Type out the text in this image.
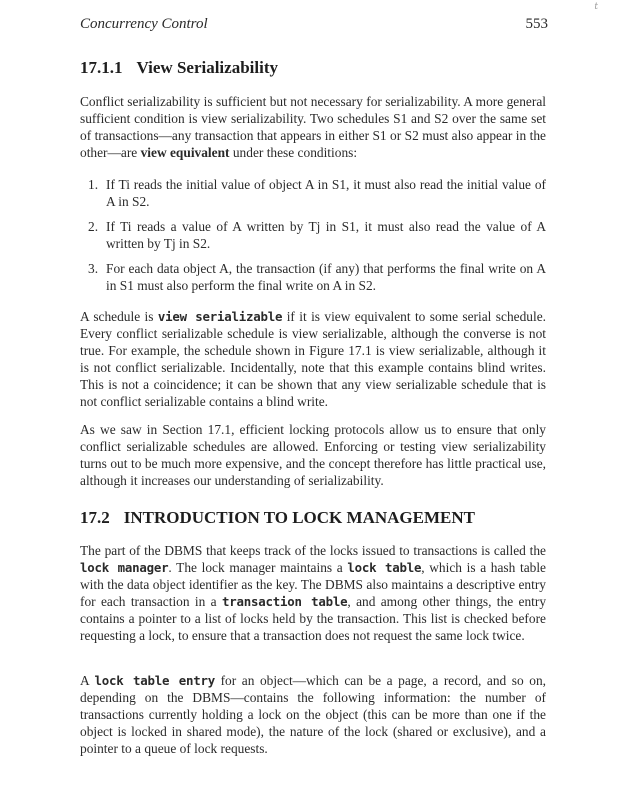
t
Concurrency Control	553
17.1.1 View Serializability
Conflict serializability is sufficient but not necessary for serializability. A more general sufficient condition is view serializability. Two schedules S1 and S2 over the same set of transactions—any transaction that appears in either S1 or S2 must also appear in the other—are view equivalent under these conditions:
1. If Ti reads the initial value of object A in S1, it must also read the initial value of A in S2.
2. If Ti reads a value of A written by Tj in S1, it must also read the value of A written by Tj in S2.
3. For each data object A, the transaction (if any) that performs the final write on A in S1 must also perform the final write on A in S2.
A schedule is view serializable if it is view equivalent to some serial schedule. Every conflict serializable schedule is view serializable, although the converse is not true. For example, the schedule shown in Figure 17.1 is view serializable, although it is not conflict serializable. Incidentally, note that this example contains blind writes. This is not a coincidence; it can be shown that any view serializable schedule that is not conflict serializable contains a blind write.
As we saw in Section 17.1, efficient locking protocols allow us to ensure that only conflict serializable schedules are allowed. Enforcing or testing view serializability turns out to be much more expensive, and the concept therefore has little practical use, although it increases our understanding of serializability.
17.2 INTRODUCTION TO LOCK MANAGEMENT
The part of the DBMS that keeps track of the locks issued to transactions is called the lock manager. The lock manager maintains a lock table, which is a hash table with the data object identifier as the key. The DBMS also maintains a descriptive entry for each transaction in a transaction table, and among other things, the entry contains a pointer to a list of locks held by the transaction. This list is checked before requesting a lock, to ensure that a transaction does not request the same lock twice.
A lock table entry for an object—which can be a page, a record, and so on, depending on the DBMS—contains the following information: the number of transactions currently holding a lock on the object (this can be more than one if the object is locked in shared mode), the nature of the lock (shared or exclusive), and a pointer to a queue of lock requests.
